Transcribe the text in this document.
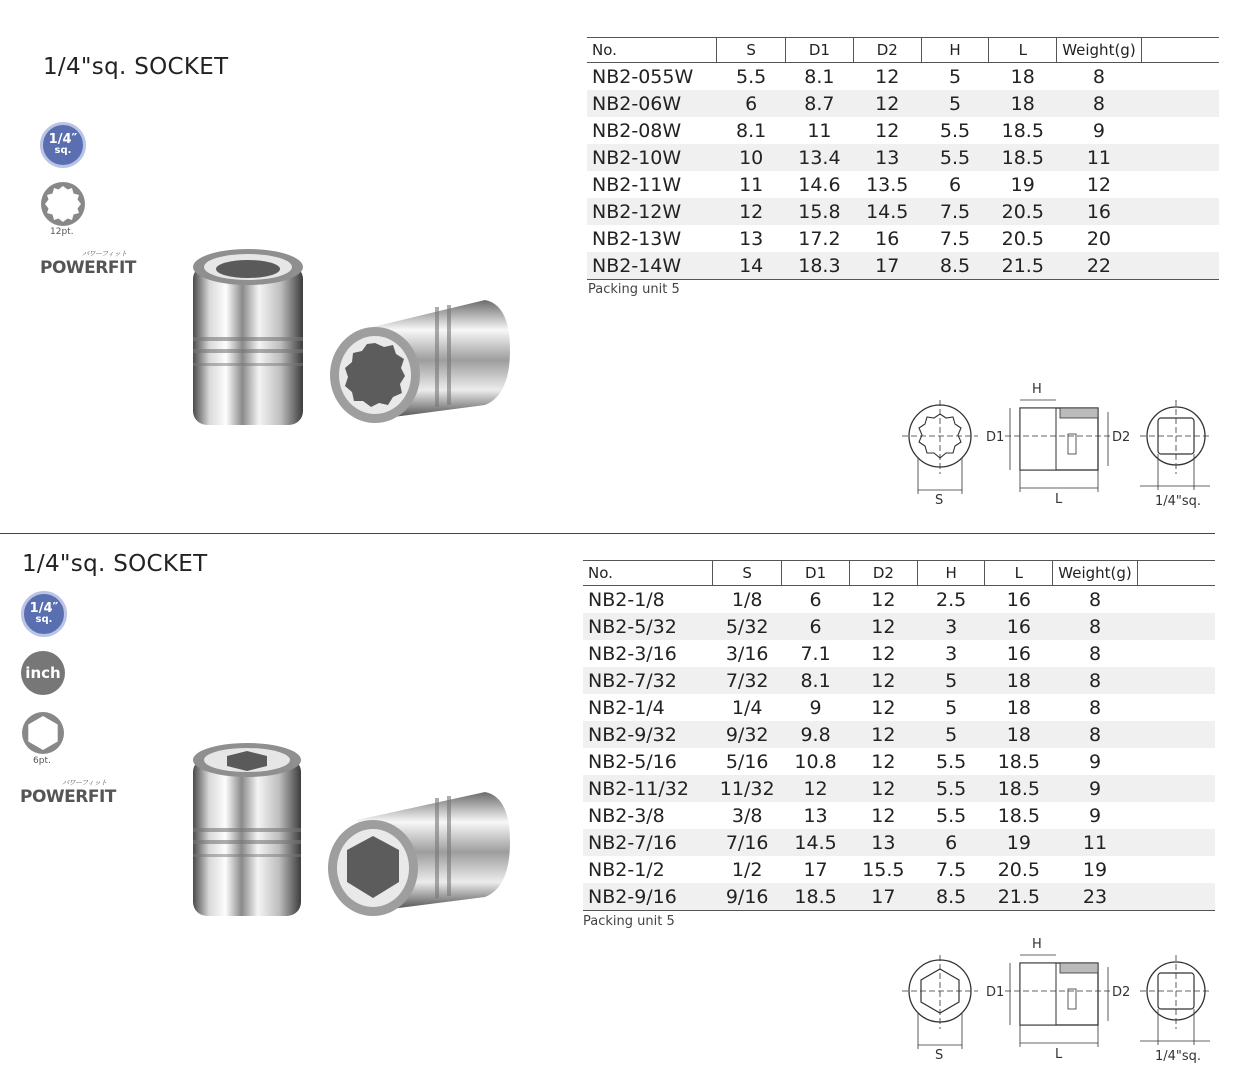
1/4"sq. SOCKET
1/4″
sq.
12pt.
パワーフィット
POWERFIT
No.	S	D1	D2	H	L	Weight(g)	
NB2-055W	5.5	8.1	12	5	18	8	
NB2-06W	6	8.7	12	5	18	8	
NB2-08W	8.1	11	12	5.5	18.5	9	
NB2-10W	10	13.4	13	5.5	18.5	11	
NB2-11W	11	14.6	13.5	6	19	12	
NB2-12W	12	15.8	14.5	7.5	20.5	16	
NB2-13W	13	17.2	16	7.5	20.5	20	
NB2-14W	14	18.3	17	8.5	21.5	22	
Packing unit 5
S
H
D1	D2
L	1/4"sq.
1/4"sq. SOCKET
1/4″
sq.
inch
6pt.
パワーフィット
POWERFIT
No.	S	D1	D2	H	L	Weight(g)	
NB2-1/8	1/8	6	12	2.5	16	8	
NB2-5/32	5/32	6	12	3	16	8	
NB2-3/16	3/16	7.1	12	3	16	8	
NB2-7/32	7/32	8.1	12	5	18	8	
NB2-1/4	1/4	9	12	5	18	8	
NB2-9/32	9/32	9.8	12	5	18	8	
NB2-5/16	5/16	10.8	12	5.5	18.5	9	
NB2-11/32	11/32	12	12	5.5	18.5	9	
NB2-3/8	3/8	13	12	5.5	18.5	9	
NB2-7/16	7/16	14.5	13	6	19	11	
NB2-1/2	1/2	17	15.5	7.5	20.5	19	
NB2-9/16	9/16	18.5	17	8.5	21.5	23	
Packing unit 5
S
H
D1	D2
L	1/4"sq.
